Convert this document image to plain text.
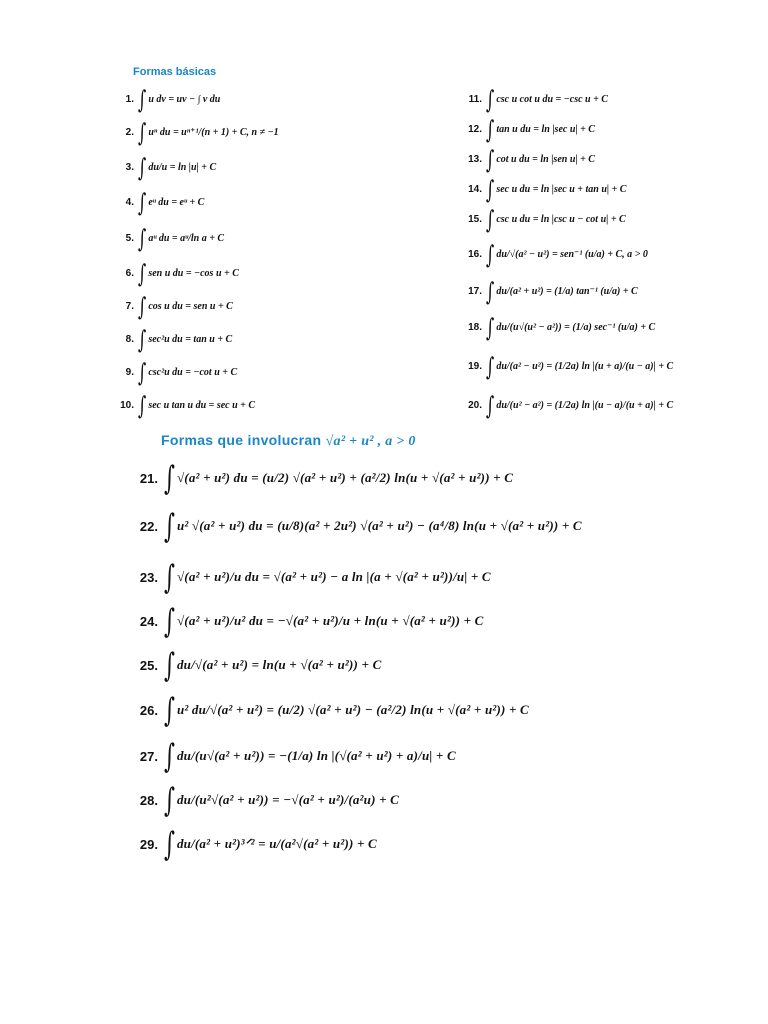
Formas básicas
1. ∫ u dv = uv − ∫ v du
2. ∫ uⁿ du = uⁿ⁺¹/(n + 1) + C, n ≠ −1
3. ∫ du/u = ln |u| + C
4. ∫ eᵘ du = eᵘ + C
5. ∫ aᵘ du = aᵘ/ln a + C
6. ∫ sen u du = −cos u + C
7. ∫ cos u du = sen u + C
8. ∫ sec²u du = tan u + C
9. ∫ csc²u du = −cot u + C
10. ∫ sec u tan u du = sec u + C
11. ∫ csc u cot u du = −csc u + C
12. ∫ tan u du = ln |sec u| + C
13. ∫ cot u du = ln |sen u| + C
14. ∫ sec u du = ln |sec u + tan u| + C
15. ∫ csc u du = ln |csc u − cot u| + C
16. ∫ du/√(a² − u²) = sen⁻¹ (u/a) + C, a > 0
17. ∫ du/(a² + u²) = (1/a) tan⁻¹ (u/a) + C
18. ∫ du/(u√(u² − a²)) = (1/a) sec⁻¹ (u/a) + C
19. ∫ du/(a² − u²) = (1/2a) ln |(u + a)/(u − a)| + C
20. ∫ du/(u² − a²) = (1/2a) ln |(u − a)/(u + a)| + C
Formas que involucran √a² + u² , a > 0
21. ∫ √(a² + u²) du = (u/2) √(a² + u²) + (a²/2) ln(u + √(a² + u²)) + C
22. ∫ u² √(a² + u²) du = (u/8)(a² + 2u²) √(a² + u²) − (a⁴/8) ln(u + √(a² + u²)) + C
23. ∫ √(a² + u²)/u du = √(a² + u²) − a ln |(a + √(a² + u²))/u| + C
24. ∫ √(a² + u²)/u² du = −√(a² + u²)/u + ln(u + √(a² + u²)) + C
25. ∫ du/√(a² + u²) = ln(u + √(a² + u²)) + C
26. ∫ u² du/√(a² + u²) = (u/2) √(a² + u²) − (a²/2) ln(u + √(a² + u²)) + C
27. ∫ du/(u√(a² + u²)) = −(1/a) ln |(√(a² + u²) + a)/u| + C
28. ∫ du/(u²√(a² + u²)) = −√(a² + u²)/(a²u) + C
29. ∫ du/(a² + u²)³ᐟ² = u/(a²√(a² + u²)) + C
